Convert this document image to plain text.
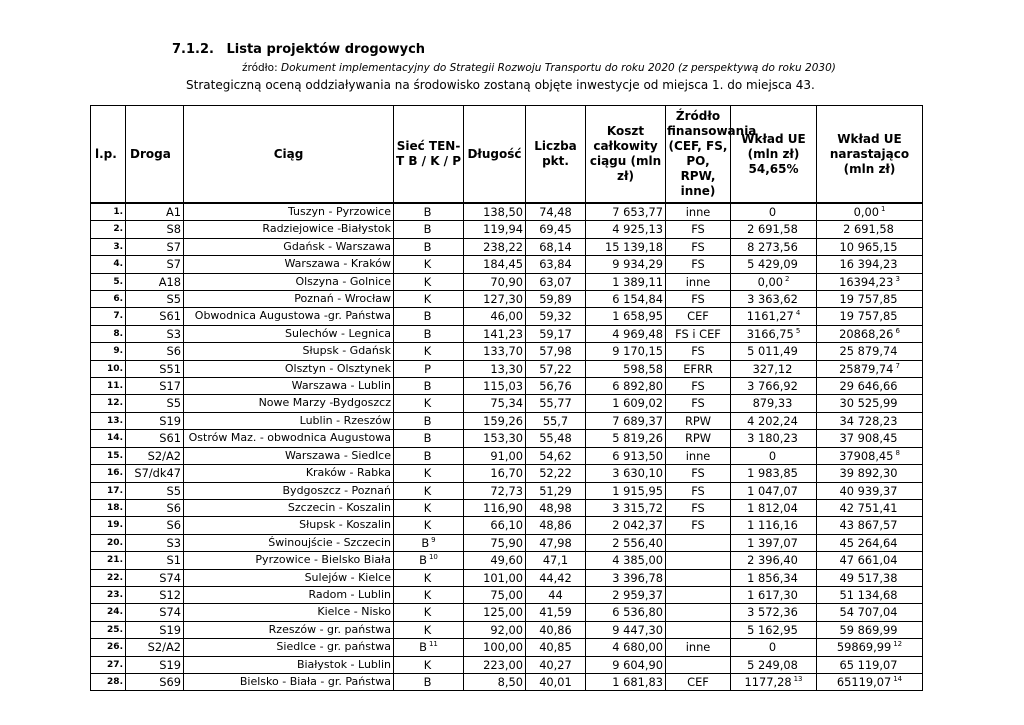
7.1.2. Lista projektów drogowych
źródło: Dokument implementacyjny do Strategii Rozwoju Transportu do roku 2020 (z perspektywą do roku 2030)
Strategiczną oceną oddziaływania na środowisko zostaną objęte inwestycje od miejsca 1. do miejsca 43.
l.p.	Droga	Ciąg	Sieć TEN-T B / K / P	Długość	Liczba pkt.	Koszt całkowity ciągu (mln zł)	Źródło finansowania (CEF, FS, PO, RPW, inne)	Wkład UE (mln zł) 54,65%	Wkład UE narastająco (mln zł)
1.	A1	Tuszyn - Pyrzowice	B	138,50	74,48	7 653,77	inne	0	0,00 $^1$
2.	S8	Radziejowice -Białystok	B	119,94	69,45	4 925,13	FS	2 691,58	2 691,58
3.	S7	Gdańsk - Warszawa	B	238,22	68,14	15 139,18	FS	8 273,56	10 965,15
4.	S7	Warszawa - Kraków	K	184,45	63,84	9 934,29	FS	5 429,09	16 394,23
5.	A18	Olszyna - Golnice	K	70,90	63,07	1 389,11	inne	0,00 $^2$	16394,23 $^3$
6.	S5	Poznań - Wrocław	K	127,30	59,89	6 154,84	FS	3 363,62	19 757,85
7.	S61	Obwodnica Augustowa -gr. Państwa	B	46,00	59,32	1 658,95	CEF	1161,27 $^4$	19 757,85
8.	S3	Sulechów - Legnica	B	141,23	59,17	4 969,48	FS i CEF	3166,75 $^5$	20868,26 $^6$
9.	S6	Słupsk - Gdańsk	K	133,70	57,98	9 170,15	FS	5 011,49	25 879,74
10.	S51	Olsztyn - Olsztynek	P	13,30	57,22	598,58	EFRR	327,12	25879,74 $^7$
11.	S17	Warszawa - Lublin	B	115,03	56,76	6 892,80	FS	3 766,92	29 646,66
12.	S5	Nowe Marzy -Bydgoszcz	K	75,34	55,77	1 609,02	FS	879,33	30 525,99
13.	S19	Lublin - Rzeszów	B	159,26	55,7	7 689,37	RPW	4 202,24	34 728,23
14.	S61	Ostrów Maz. - obwodnica Augustowa	B	153,30	55,48	5 819,26	RPW	3 180,23	37 908,45
15.	S2/A2	Warszawa - Siedlce	B	91,00	54,62	6 913,50	inne	0	37908,45 $^8$
16.	S7/dk47	Kraków - Rabka	K	16,70	52,22	3 630,10	FS	1 983,85	39 892,30
17.	S5	Bydgoszcz - Poznań	K	72,73	51,29	1 915,95	FS	1 047,07	40 939,37
18.	S6	Szczecin - Koszalin	K	116,90	48,98	3 315,72	FS	1 812,04	42 751,41
19.	S6	Słupsk - Koszalin	K	66,10	48,86	2 042,37	FS	1 116,16	43 867,57
20.	S3	Świnoujście - Szczecin	B $^9$	75,90	47,98	2 556,40		1 397,07	45 264,64
21.	S1	Pyrzowice - Bielsko Biała	B $^{10}$	49,60	47,1	4 385,00		2 396,40	47 661,04
22.	S74	Sulejów - Kielce	K	101,00	44,42	3 396,78		1 856,34	49 517,38
23.	S12	Radom - Lublin	K	75,00	44	2 959,37		1 617,30	51 134,68
24.	S74	Kielce - Nisko	K	125,00	41,59	6 536,80		3 572,36	54 707,04
25.	S19	Rzeszów - gr. państwa	K	92,00	40,86	9 447,30		5 162,95	59 869,99
26.	S2/A2	Siedlce - gr. państwa	B $^{11}$	100,00	40,85	4 680,00	inne	0	59869,99 $^{12}$
27.	S19	Białystok - Lublin	K	223,00	40,27	9 604,90		5 249,08	65 119,07
28.	S69	Bielsko - Biała - gr. Państwa	B	8,50	40,01	1 681,83	CEF	1177,28 $^{13}$	65119,07 $^{14}$
